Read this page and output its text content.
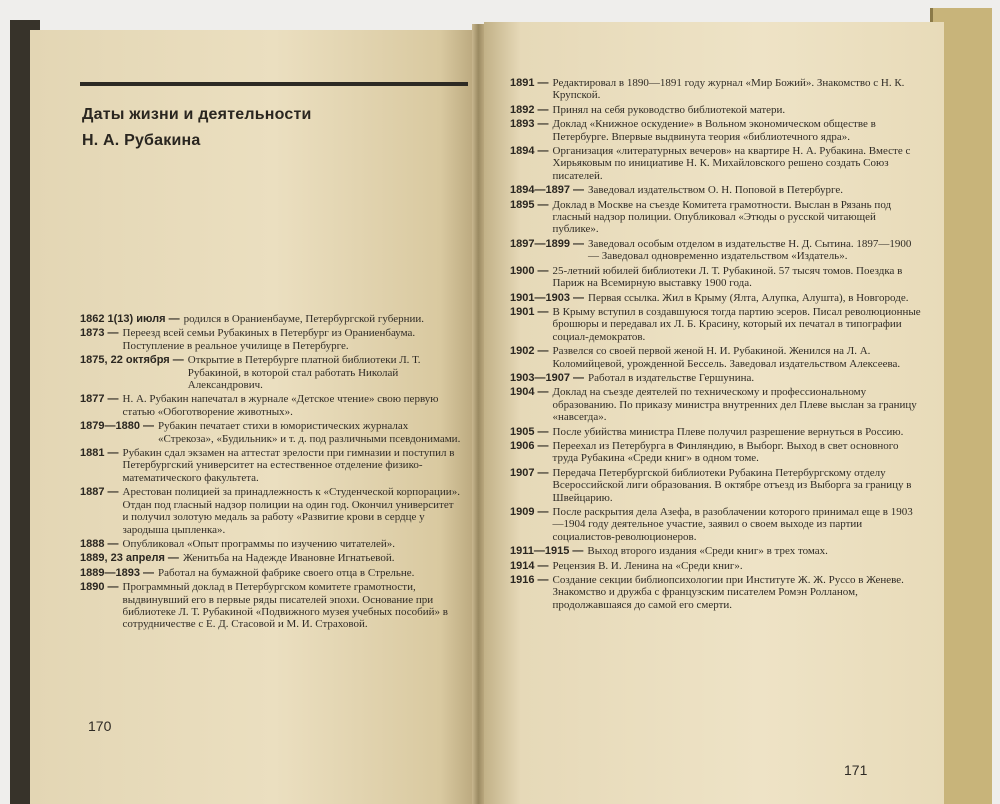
Даты жизни и деятельности
Н. А. Рубакина
1862 1(13) июля — родился в Ораниенбауме, Петербургской губернии.
1873 — Переезд всей семьи Рубакиных в Петербург из Ораниенбаума. Поступление в реальное училище в Петербурге.
1875, 22 октября — Открытие в Петербурге платной библиотеки Л. Т. Рубакиной, в которой стал работать Николай Александрович.
1877 — Н. А. Рубакин напечатал в журнале «Детское чтение» свою первую статью «Обоготворение животных».
1879—1880 — Рубакин печатает стихи в юмористических журналах «Стрекоза», «Будильник» и т. д. под различными псевдонимами.
1881 — Рубакин сдал экзамен на аттестат зрелости при гимназии и поступил в Петербургский университет на естественное отделение физико-математического факультета.
1887 — Арестован полицией за принадлежность к «Студенческой корпорации». Отдан под гласный надзор полиции на один год. Окончил университет и получил золотую медаль за работу «Развитие крови в сердце у зародыша цыпленка».
1888 — Опубликовал «Опыт программы по изучению читателей».
1889, 23 апреля — Женитьба на Надежде Ивановне Игнатьевой.
1889—1893 — Работал на бумажной фабрике своего отца в Стрельне.
1890 — Программный доклад в Петербургском комитете грамотности, выдвинувший его в первые ряды писателей эпохи. Основание при библиотеке Л. Т. Рубакиной «Подвижного музея учебных пособий» в сотрудничестве с Е. Д. Стасовой и М. И. Страховой.
170
1891 — Редактировал в 1890—1891 году журнал «Мир Божий». Знакомство с Н. К. Крупской.
1892 — Принял на себя руководство библиотекой матери.
1893 — Доклад «Книжное оскудение» в Вольном экономическом обществе в Петербурге. Впервые выдвинута теория «библиотечного ядра».
1894 — Организация «литературных вечеров» на квартире Н. А. Рубакина. Вместе с Хирьяковым по инициативе Н. К. Михайловского решено создать Союз писателей.
1894—1897 — Заведовал издательством О. Н. Поповой в Петербурге.
1895 — Доклад в Москве на съезде Комитета грамотности. Выслан в Рязань под гласный надзор полиции. Опубликовал «Этюды о русской читающей публике».
1897—1899 — Заведовал особым отделом в издательстве Н. Д. Сытина. 1897—1900 — Заведовал одновременно издательством «Издатель».
1900 — 25-летний юбилей библиотеки Л. Т. Рубакиной. 57 тысяч томов. Поездка в Париж на Всемирную выставку 1900 года.
1901—1903 — Первая ссылка. Жил в Крыму (Ялта, Алупка, Алушта), в Новгороде.
1901 — В Крыму вступил в создавшуюся тогда партию эсеров. Писал революционные брошюры и передавал их Л. Б. Красину, который их печатал в типографии социал-демократов.
1902 — Развелся со своей первой женой Н. И. Рубакиной. Женился на Л. А. Коломийцевой, урожденной Бессель. Заведовал издательством Алексеева.
1903—1907 — Работал в издательстве Гершунина.
1904 — Доклад на съезде деятелей по техническому и профессиональному образованию. По приказу министра внутренних дел Плеве выслан за границу «навсегда».
1905 — После убийства министра Плеве получил разрешение вернуться в Россию.
1906 — Переехал из Петербурга в Финляндию, в Выборг. Выход в свет основного труда Рубакина «Среди книг» в одном томе.
1907 — Передача Петербургской библиотеки Рубакина Петербургскому отделу Всероссийской лиги образования. В октябре отъезд из Выборга за границу в Швейцарию.
1909 — После раскрытия дела Азефа, в разоблачении которого принимал еще в 1903—1904 году деятельное участие, заявил о своем выходе из партии социалистов-революционеров.
1911—1915 — Выход второго издания «Среди книг» в трех томах.
1914 — Рецензия В. И. Ленина на «Среди книг».
1916 — Создание секции библиопсихологии при Институте Ж. Ж. Руссо в Женеве. Знакомство и дружба с французским писателем Ромэн Ролланом, продолжавшаяся до самой его смерти.
171
